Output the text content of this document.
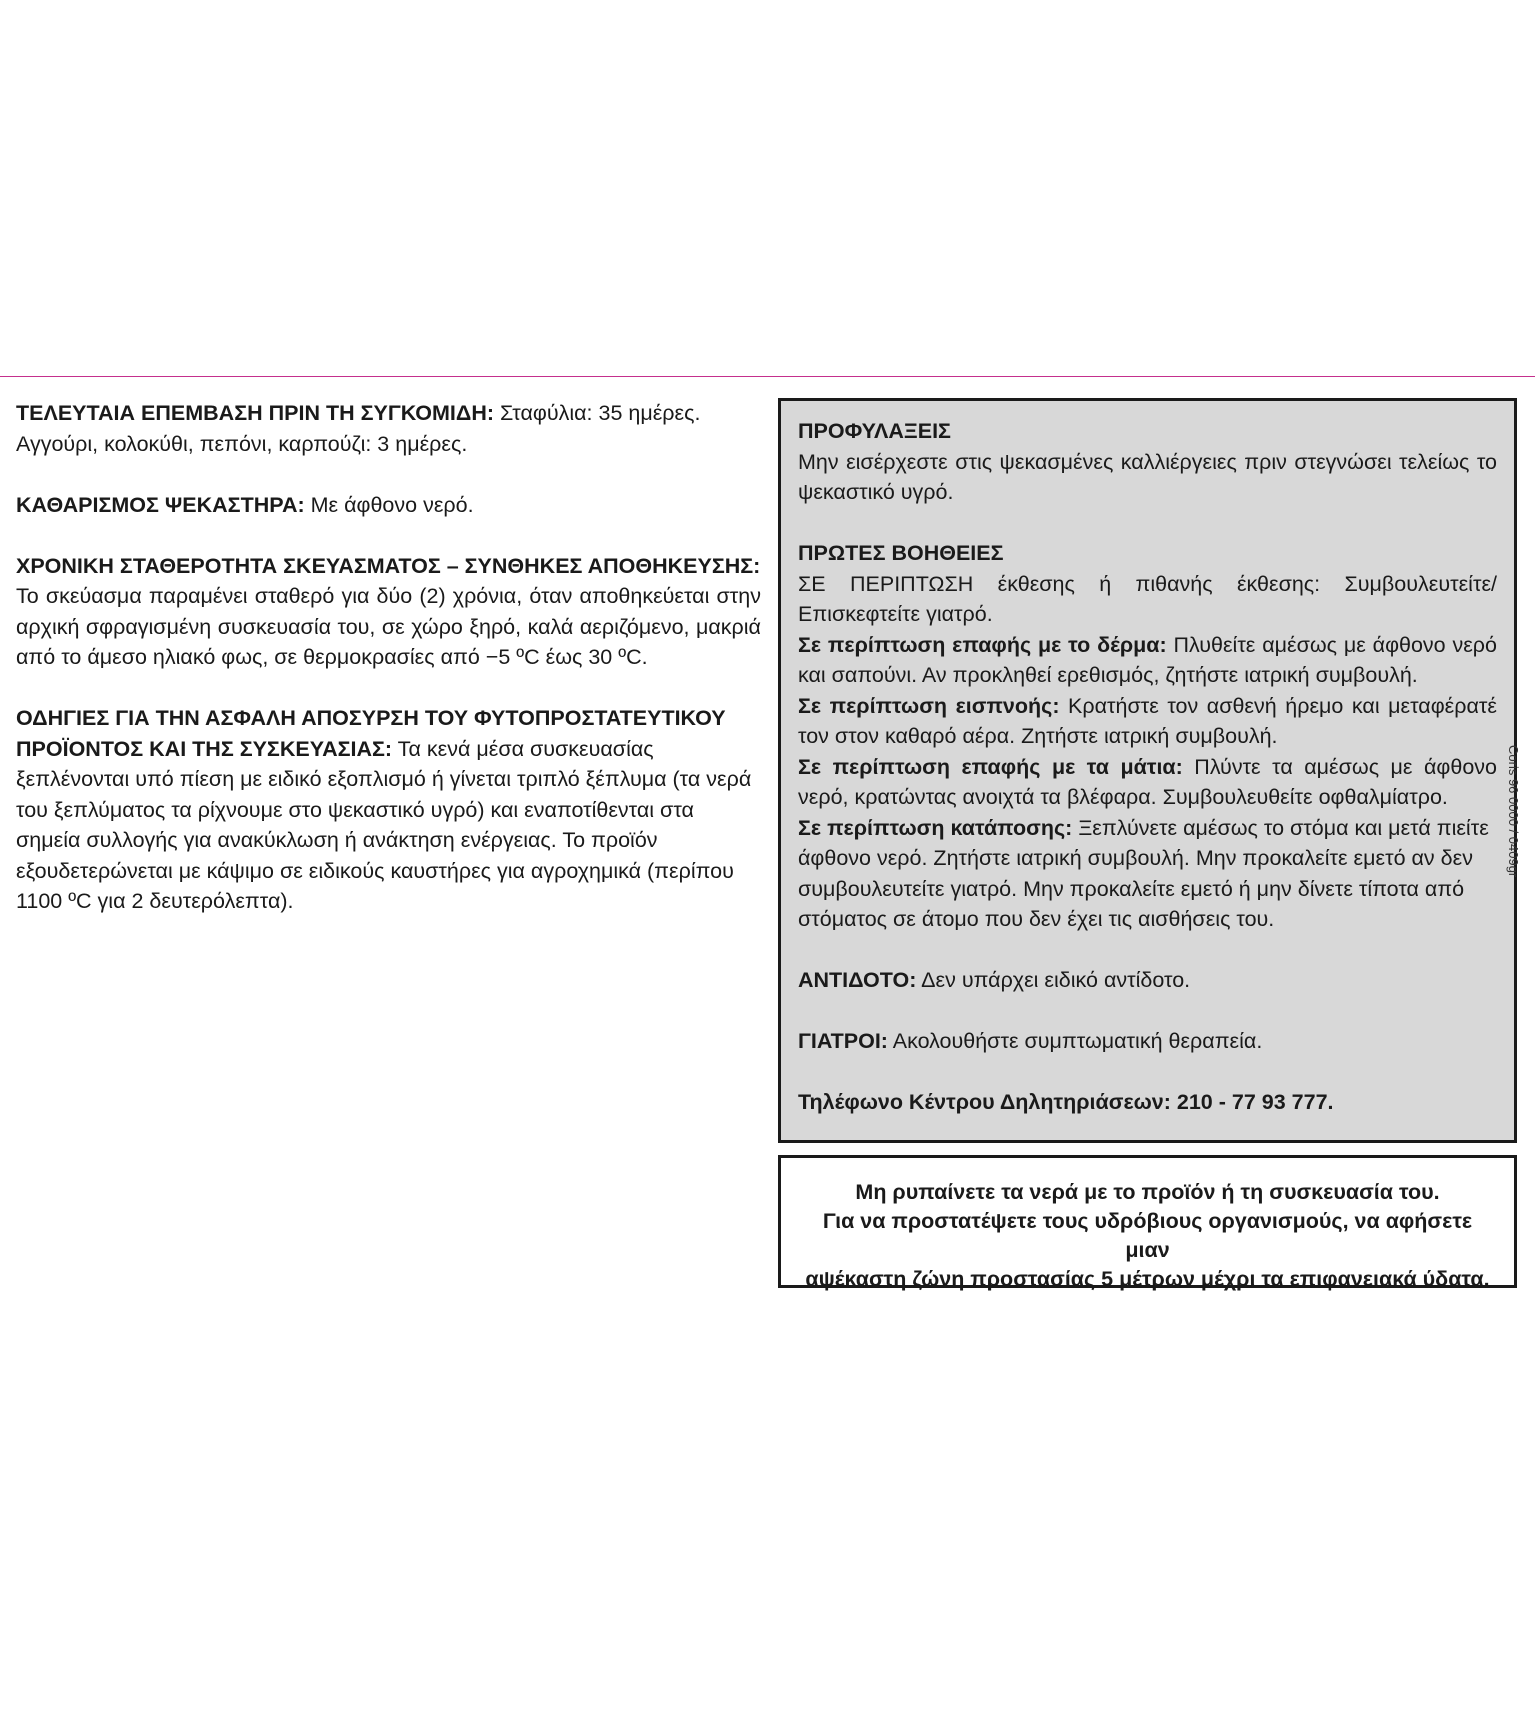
ΤΕΛΕΥΤΑΙΑ ΕΠΕΜΒΑΣΗ ΠΡΙΝ ΤΗ ΣΥΓΚΟΜΙΔΗ: Σταφύλια: 35 ημέρες.
Αγγούρι, κολοκύθι, πεπόνι, καρπούζι: 3 ημέρες.

ΚΑΘΑΡΙΣΜΟΣ ΨΕΚΑΣΤΗΡΑ: Με άφθονο νερό.

ΧΡΟΝΙΚΗ ΣΤΑΘΕΡΟΤΗΤΑ ΣΚΕΥΑΣΜΑΤΟΣ – ΣΥΝΘΗΚΕΣ ΑΠΟΘΗΚΕΥΣΗΣ:
Το σκεύασμα παραμένει σταθερό για δύο (2) χρόνια, όταν αποθηκεύεται στην αρχική σφραγισμένη συσκευασία του, σε χώρο ξηρό, καλά αεριζόμενο, μακριά από το άμεσο ηλιακό φως, σε θερμοκρασίες από −5 ºC έως 30 ºC.

ΟΔΗΓΙΕΣ ΓΙΑ ΤΗΝ ΑΣΦΑΛΗ ΑΠΟΣΥΡΣΗ ΤΟΥ ΦΥΤΟΠΡΟΣΤΑΤΕΥΤΙΚΟΥ ΠΡΟΪΟΝΤΟΣ ΚΑΙ ΤΗΣ ΣΥΣΚΕΥΑΣΙΑΣ: Τα κενά μέσα συσκευασίας ξεπλένονται υπό πίεση με ειδικό εξοπλισμό ή γίνεται τριπλό ξέπλυμα (τα νερά του ξεπλύματος τα ρίχνουμε στο ψεκαστικό υγρό) και εναποτίθενται στα σημεία συλλογής για ανακύκλωση ή ανάκτηση ενέργειας. Το προϊόν εξουδετερώνεται με κάψιμο σε ειδικούς καυστήρες για αγροχημικά (περίπου 1100 ºC για 2 δευτερόλεπτα).

ΠΡΟΦΥΛΑΞΕΙΣ
Μην εισέρχεστε στις ψεκασμένες καλλιέργειες πριν στεγνώσει τελείως το ψεκαστικό υγρό.

ΠΡΩΤΕΣ ΒΟΗΘΕΙΕΣ

ΣΕ ΠΕΡΙΠΤΩΣΗ έκθεσης ή πιθανής έκθεσης: Συμβουλευτείτε/Επισκεφτείτε γιατρό.

Σε περίπτωση επαφής με το δέρμα: Πλυθείτε αμέσως με άφθονο νερό και σαπούνι. Αν προκληθεί ερεθισμός, ζητήστε ιατρική συμβουλή.

Σε περίπτωση εισπνοής: Κρατήστε τον ασθενή ήρεμο και μεταφέρατέ τον στον καθαρό αέρα. Ζητήστε ιατρική συμβουλή.

Σε περίπτωση επαφής με τα μάτια: Πλύντε τα αμέσως με άφθονο νερό, κρατώντας ανοιχτά τα βλέφαρα. Συμβουλευθείτε οφθαλμίατρο.

Σε περίπτωση κατάποσης: Ξεπλύνετε αμέσως το στόμα και μετά πιείτε άφθονο νερό. Ζητήστε ιατρική συμβουλή. Μην προκαλείτε εμετό αν δεν συμβουλευτείτε γιατρό. Μην προκαλείτε εμετό ή μην δίνετε τίποτα από στόματος σε άτομο που δεν έχει τις αισθήσεις του.

ΑΝΤΙΔΟΤΟ: Δεν υπάρχει ειδικό αντίδοτο.

ΓΙΑΤΡΟΙ: Ακολουθήστε συμπτωματική θεραπεία.

Τηλέφωνο Κέντρου Δηλητηριάσεων: 210 - 77 93 777.

Μη ρυπαίνετε τα νερά με το προϊόν ή τη συσκευασία του.
Για να προστατέψετε τους υδρόβιους οργανισμούς, να αφήσετε μιαν
αψέκαστη ζώνη προστασίας 5 μέτρων μέχρι τα επιφανειακά ύδατα.
Coris 96 0000 / 0409gr
